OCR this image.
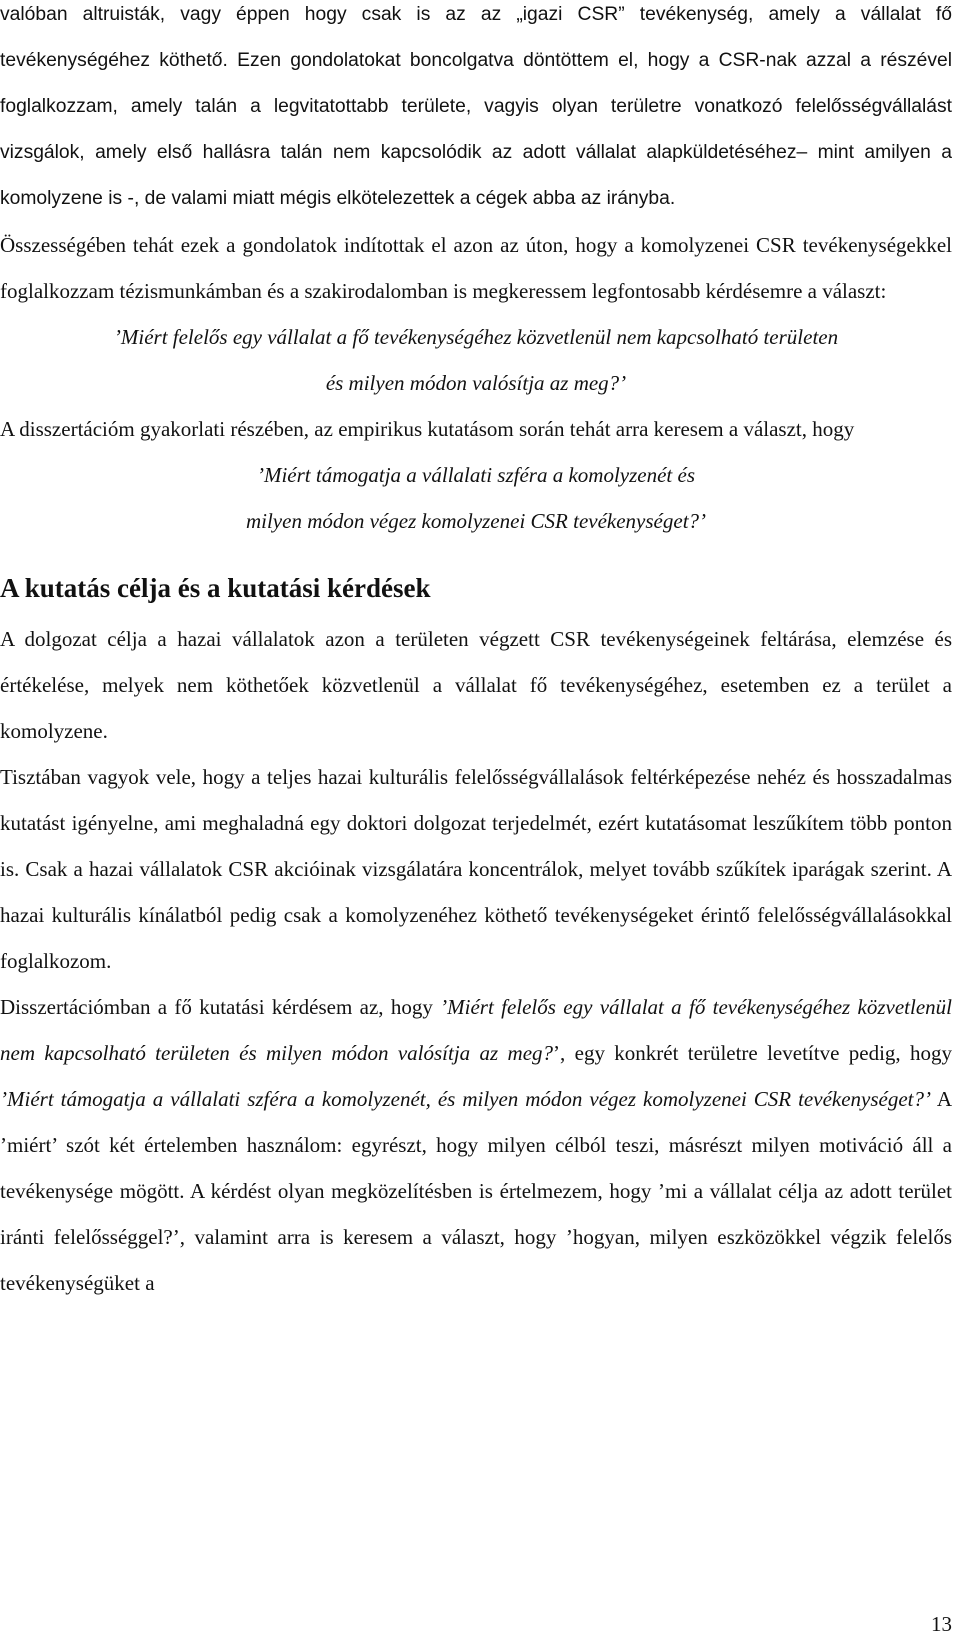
valóban altruisták, vagy éppen hogy csak is az az „igazi CSR” tevékenység, amely a vállalat fő tevékenységéhez köthető. Ezen gondolatokat boncolgatva döntöttem el, hogy a CSR-nak azzal a részével foglalkozzam, amely talán a legvitatottabb területe, vagyis olyan területre vonatkozó felelősségvállalást vizsgálok, amely első hallásra talán nem kapcsolódik az adott vállalat alapküldetéséhez– mint amilyen a komolyzene is -, de valami miatt mégis elkötelezettek a cégek abba az irányba.

Összességében tehát ezek a gondolatok indítottak el azon az úton, hogy a komolyzenei CSR tevékenységekkel foglalkozzam tézismunkámban és a szakirodalomban is megkeressem legfontosabb kérdésemre a választ:

’Miért felelős egy vállalat a fő tevékenységéhez közvetlenül nem kapcsolható területen

és milyen módon valósítja az meg?’

A disszertációm gyakorlati részében, az empirikus kutatásom során tehát arra keresem a választ, hogy

’Miért támogatja a vállalati szféra a komolyzenét és

milyen módon végez komolyzenei CSR tevékenységet?’

A kutatás célja és a kutatási kérdések

A dolgozat célja a hazai vállalatok azon a területen végzett CSR tevékenységeinek feltárása, elemzése és értékelése, melyek nem köthetőek közvetlenül a vállalat fő tevékenységéhez, esetemben ez a terület a komolyzene.

Tisztában vagyok vele, hogy a teljes hazai kulturális felelősségvállalások feltérképezése nehéz és hosszadalmas kutatást igényelne, ami meghaladná egy doktori dolgozat terjedelmét, ezért kutatásomat leszűkítem több ponton is. Csak a hazai vállalatok CSR akcióinak vizsgálatára koncentrálok, melyet tovább szűkítek iparágak szerint. A hazai kulturális kínálatból pedig csak a komolyzenéhez köthető tevékenységeket érintő felelősségvállalásokkal foglalkozom.

Disszertációmban a fő kutatási kérdésem az, hogy ’Miért felelős egy vállalat a fő tevékenységéhez közvetlenül nem kapcsolható területen és milyen módon valósítja az meg?’, egy konkrét területre levetítve pedig, hogy ’Miért támogatja a vállalati szféra a komolyzenét, és milyen módon végez komolyzenei CSR tevékenységet?’ A ’miért’ szót két értelemben használom: egyrészt, hogy milyen célból teszi, másrészt milyen motiváció áll a tevékenysége mögött. A kérdést olyan megközelítésben is értelmezem, hogy ’mi a vállalat célja az adott terület iránti felelősséggel?’, valamint arra is keresem a választ, hogy ’hogyan, milyen eszközökkel végzik felelős tevékenységüket a

13
